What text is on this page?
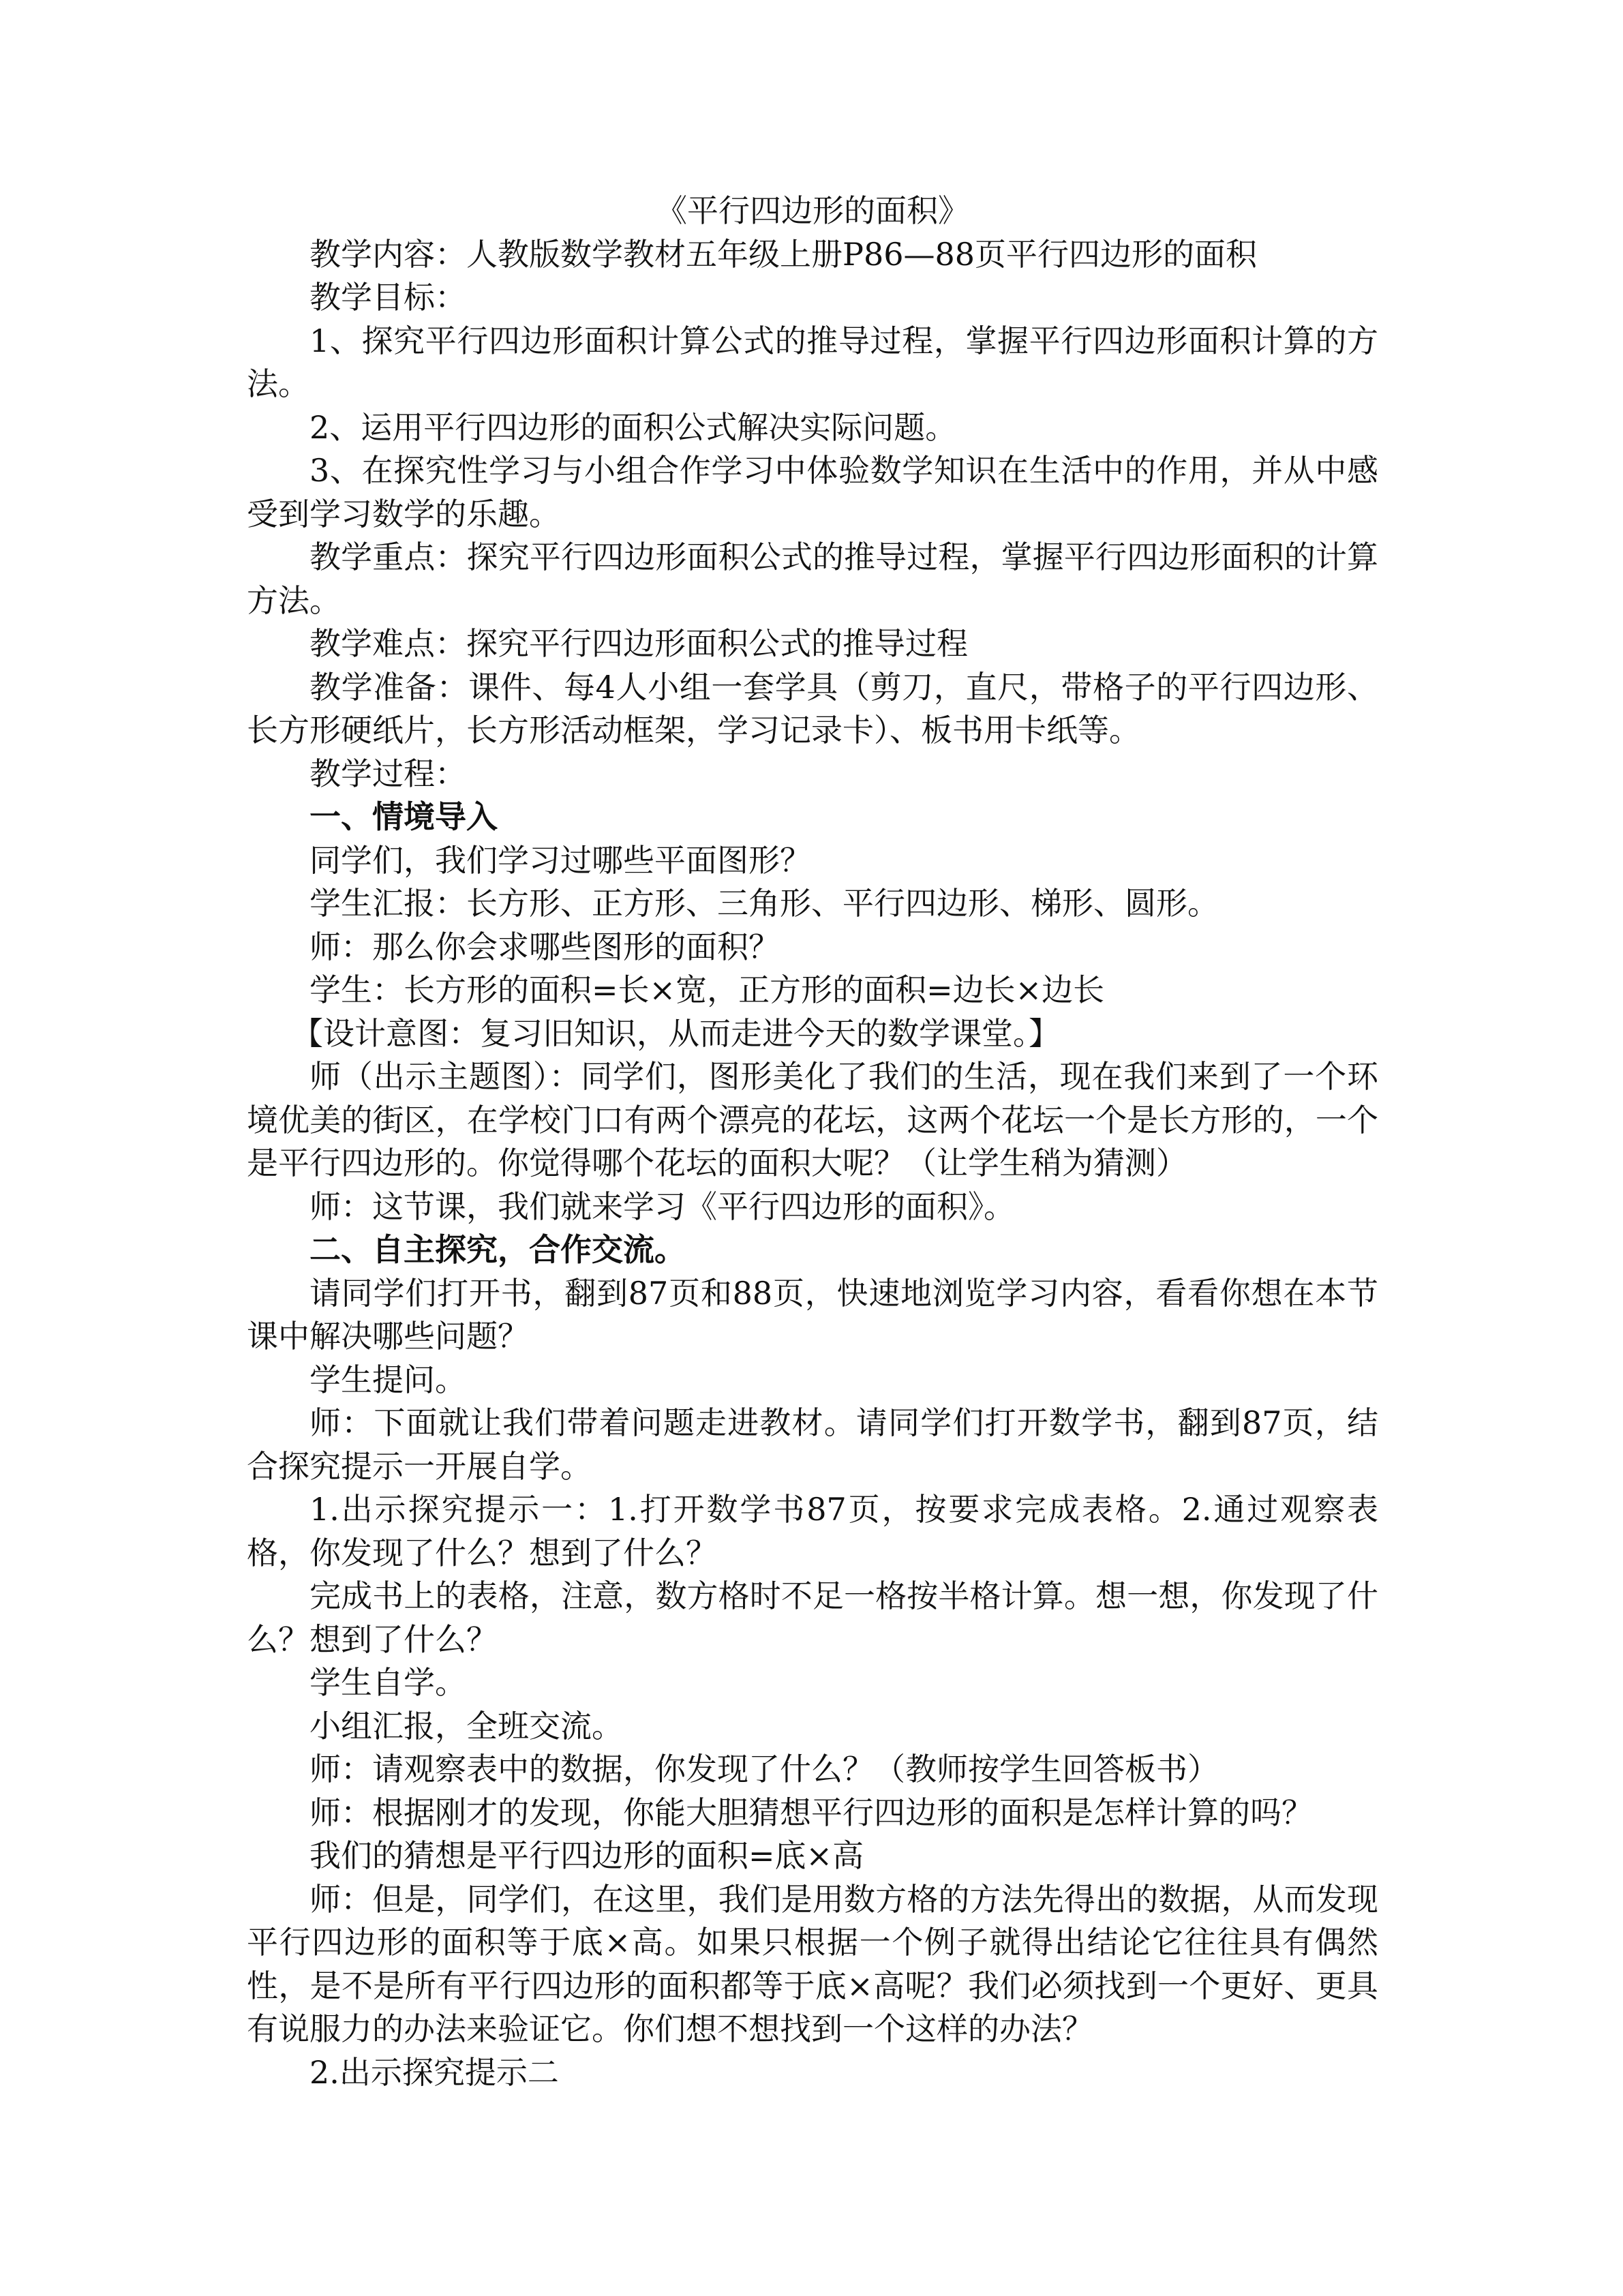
《平行四边形的面积》

教学内容：人教版数学教材五年级上册P86—88页平行四边形的面积

教学目标：

1、探究平行四边形面积计算公式的推导过程，掌握平行四边形面积计算的方法。

2、运用平行四边形的面积公式解决实际问题。

3、在探究性学习与小组合作学习中体验数学知识在生活中的作用，并从中感受到学习数学的乐趣。

教学重点：探究平行四边形面积公式的推导过程，掌握平行四边形面积的计算方法。

教学难点：探究平行四边形面积公式的推导过程

教学准备：课件、每4人小组一套学具（剪刀，直尺，带格子的平行四边形、长方形硬纸片，长方形活动框架，学习记录卡）、板书用卡纸等。

教学过程：

一、情境导入

同学们，我们学习过哪些平面图形？

学生汇报：长方形、正方形、三角形、平行四边形、梯形、圆形。

师：那么你会求哪些图形的面积？

学生：长方形的面积=长×宽，正方形的面积=边长×边长

【设计意图：复习旧知识，从而走进今天的数学课堂。】

师（出示主题图）：同学们，图形美化了我们的生活，现在我们来到了一个环境优美的街区，在学校门口有两个漂亮的花坛，这两个花坛一个是长方形的，一个是平行四边形的。你觉得哪个花坛的面积大呢？（让学生稍为猜测）

师：这节课，我们就来学习《平行四边形的面积》。

二、自主探究，合作交流。

请同学们打开书，翻到87页和88页，快速地浏览学习内容，看看你想在本节课中解决哪些问题？

学生提问。

师：下面就让我们带着问题走进教材。请同学们打开数学书，翻到87页，结合探究提示一开展自学。

1.出示探究提示一：1.打开数学书87页，按要求完成表格。2.通过观察表格，你发现了什么？想到了什么？

完成书上的表格，注意，数方格时不足一格按半格计算。想一想，你发现了什么？想到了什么？

学生自学。

小组汇报，全班交流。

师：请观察表中的数据，你发现了什么？（教师按学生回答板书）

师：根据刚才的发现，你能大胆猜想平行四边形的面积是怎样计算的吗？

我们的猜想是平行四边形的面积=底×高

师：但是，同学们，在这里，我们是用数方格的方法先得出的数据，从而发现平行四边形的面积等于底×高。如果只根据一个例子就得出结论它往往具有偶然性，是不是所有平行四边形的面积都等于底×高呢？我们必须找到一个更好、更具有说服力的办法来验证它。你们想不想找到一个这样的办法？

2.出示探究提示二
